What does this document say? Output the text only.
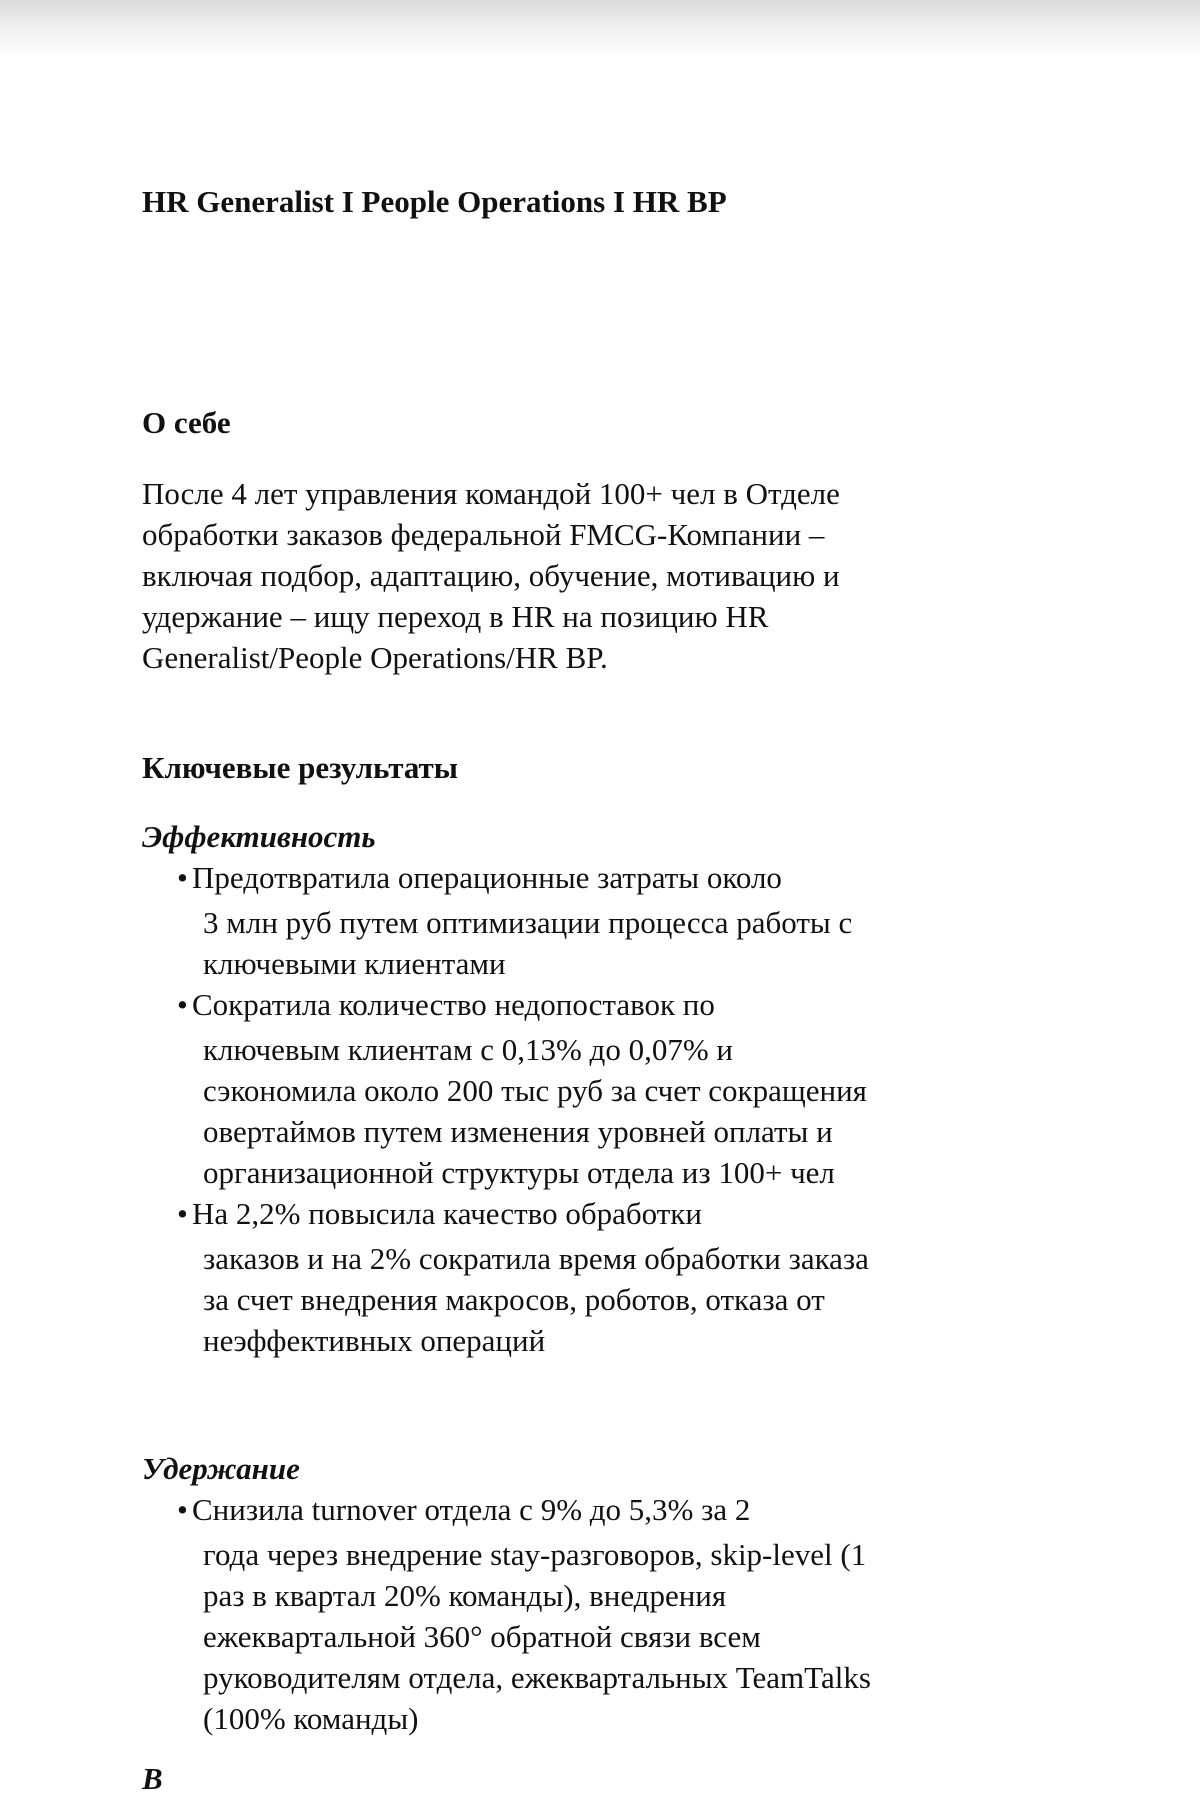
HR Generalist I People Operations I HR BP
О себе

После 4 лет управления командой 100+ чел в Отделе обработки заказов федеральной FMCG-Компании – включая подбор, адаптацию, обучение, мотивацию и удержание – ищу переход в HR на позицию HR Generalist/People Operations/HR BP.

Ключевые результаты
Эффективность
• Предотвратила операционные затраты около
3 млн руб путем оптимизации процесса работы с ключевыми клиентами
• Сократила количество недопоставок по
ключевым клиентам с 0,13% до 0,07% и сэкономила около 200 тыс руб за счет сокращения овертаймов путем изменения уровней оплаты и организационной структуры отдела из 100+ чел
• На 2,2% повысила качество обработки
заказов и на 2% сократила время обработки заказа за счет внедрения макросов, роботов, отказа от неэффективных операций
Удержание
• Снизила turnover отдела с 9% до 5,3% за 2
года через внедрение stay-разговоров, skip-level (1 раз в квартал 20% команды), внедрения ежеквартальной 360° обратной связи всем руководителям отдела, ежеквартальных TeamTalks (100% команды)
В
